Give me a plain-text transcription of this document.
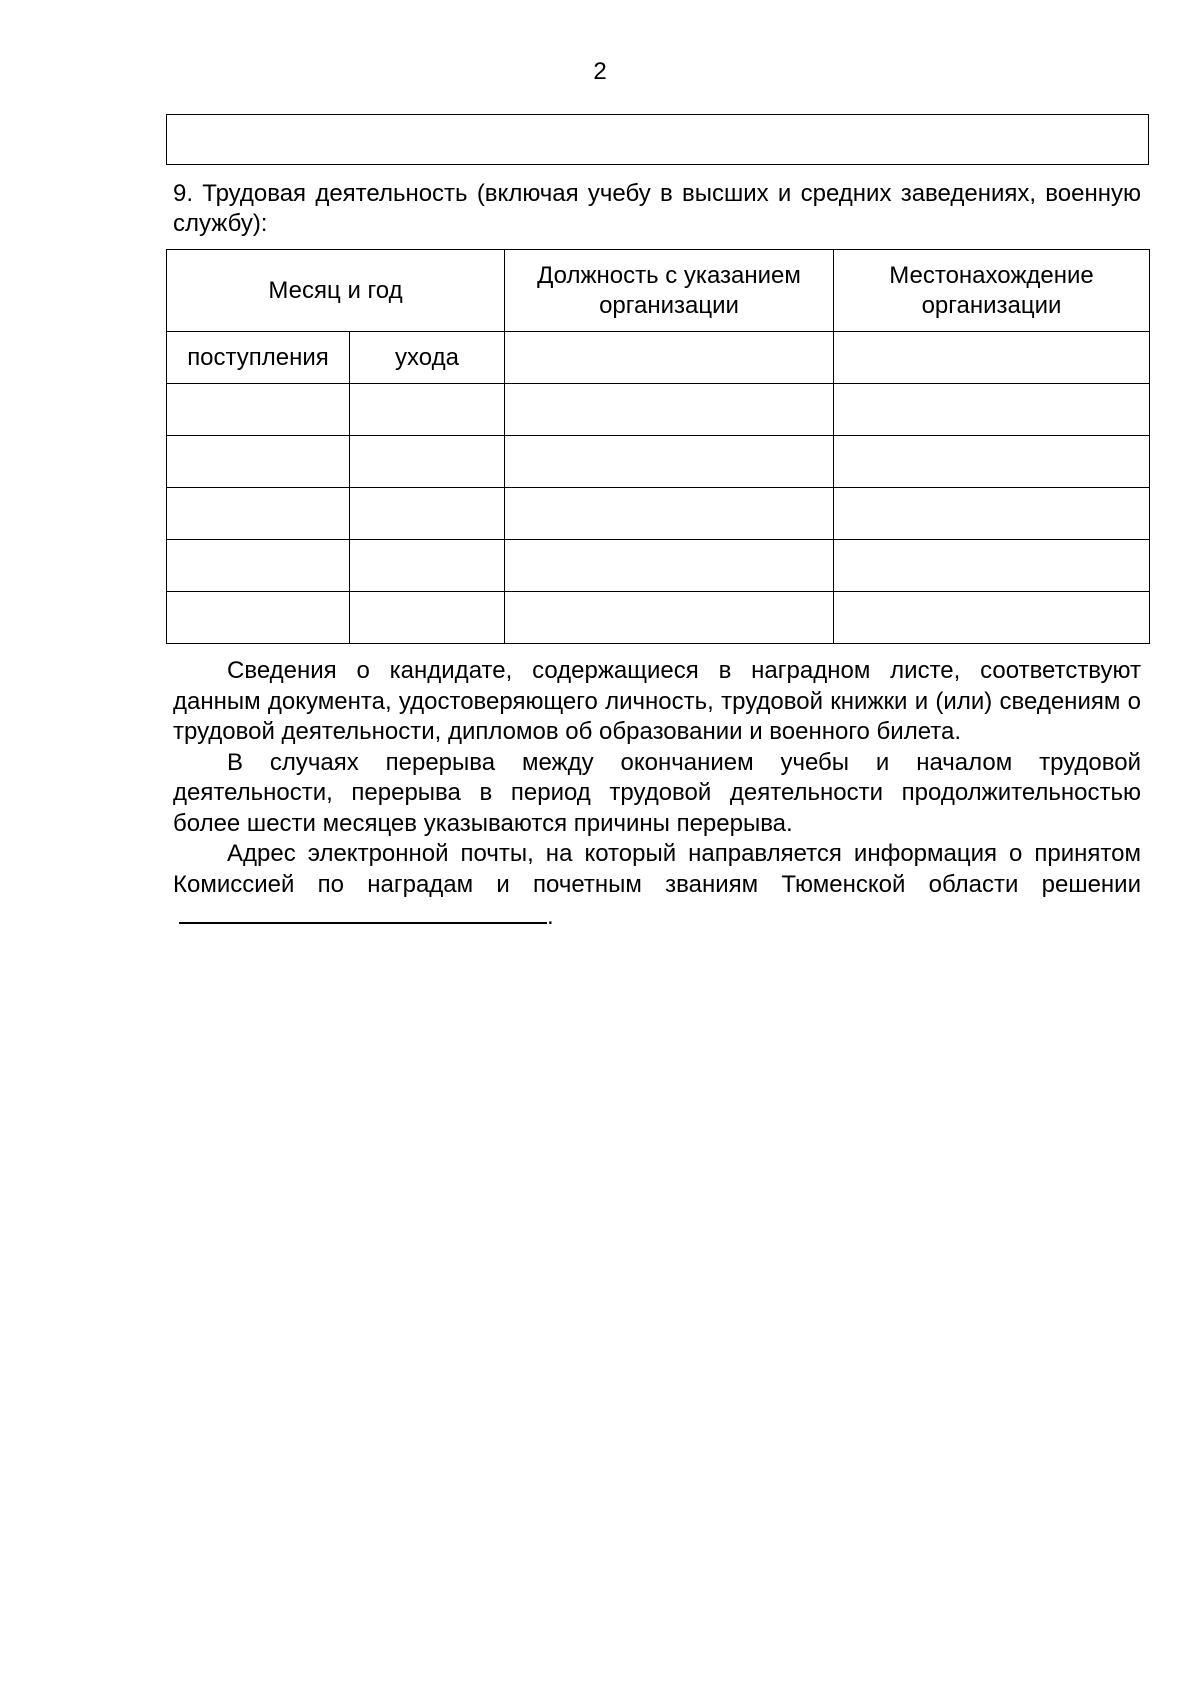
2
9. Трудовая деятельность (включая учебу в высших и средних заведениях, военную службу):
Месяц и год		Должность с указанием организации	Местонахождение организации
поступления	ухода		

Сведения о кандидате, содержащиеся в наградном листе, соответствуют данным документа, удостоверяющего личность, трудовой книжки и (или) сведениям о трудовой деятельности, дипломов об образовании и военного билета.

В случаях перерыва между окончанием учебы и началом трудовой деятельности, перерыва в период трудовой деятельности продолжительностью более шести месяцев указываются причины перерыва.

Адрес электронной почты, на который направляется информация о принятом Комиссией по наградам и почетным званиям Тюменской области решении.
